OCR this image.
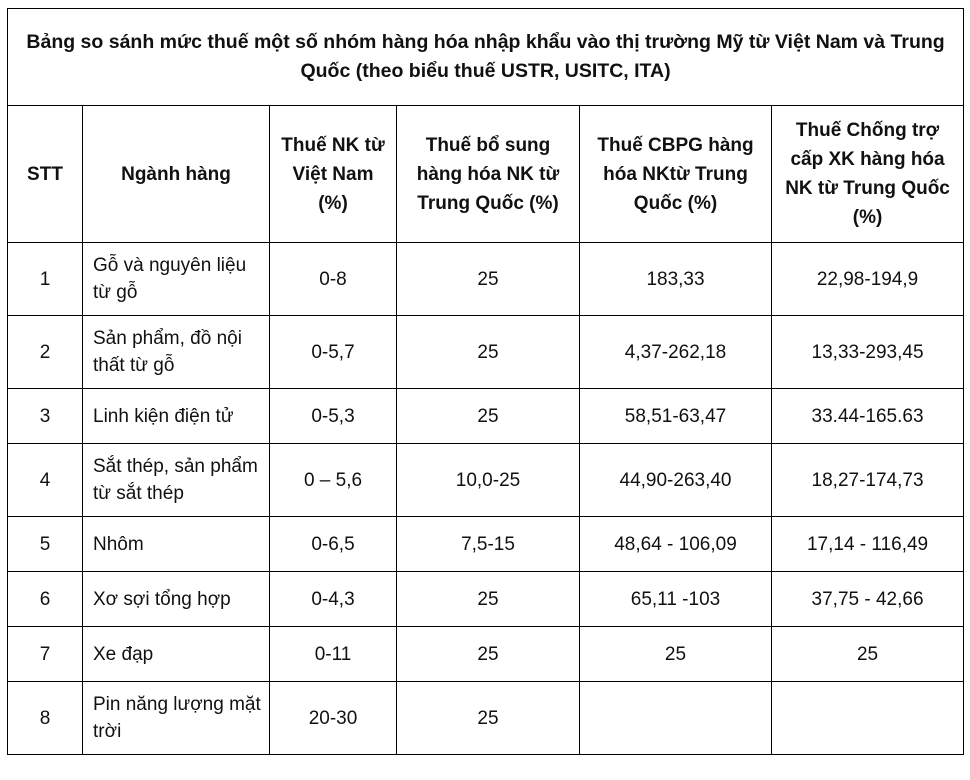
Bảng so sánh mức thuế một số nhóm hàng hóa nhập khẩu vào thị trường Mỹ từ Việt Nam và Trung Quốc (theo biểu thuế USTR, USITC, ITA)					
STT	Ngành hàng	Thuế NK từ Việt Nam (%)	Thuế bổ sung hàng hóa NK từ Trung Quốc (%)	Thuế CBPG hàng hóa NKtừ Trung Quốc (%)	Thuế Chống trợ cấp XK hàng hóa NK từ Trung Quốc (%)
1	Gỗ và nguyên liệu từ gỗ	0-8	25	183,33	22,98-194,9
2	Sản phẩm, đồ nội thất từ gỗ	0-5,7	25	4,37-262,18	13,33-293,45
3	Linh kiện điện tử	0-5,3	25	58,51-63,47	33.44-165.63
4	Sắt thép, sản phẩm từ sắt thép	0 – 5,6	10,0-25	44,90-263,40	18,27-174,73
5	Nhôm	0-6,5	7,5-15	48,64 - 106,09	17,14 - 116,49
6	Xơ sợi tổng hợp	0-4,3	25	65,11 -103	37,75 - 42,66
7	Xe đạp	0-11	25	25	25
8	Pin năng lượng mặt trời	20-30	25		
